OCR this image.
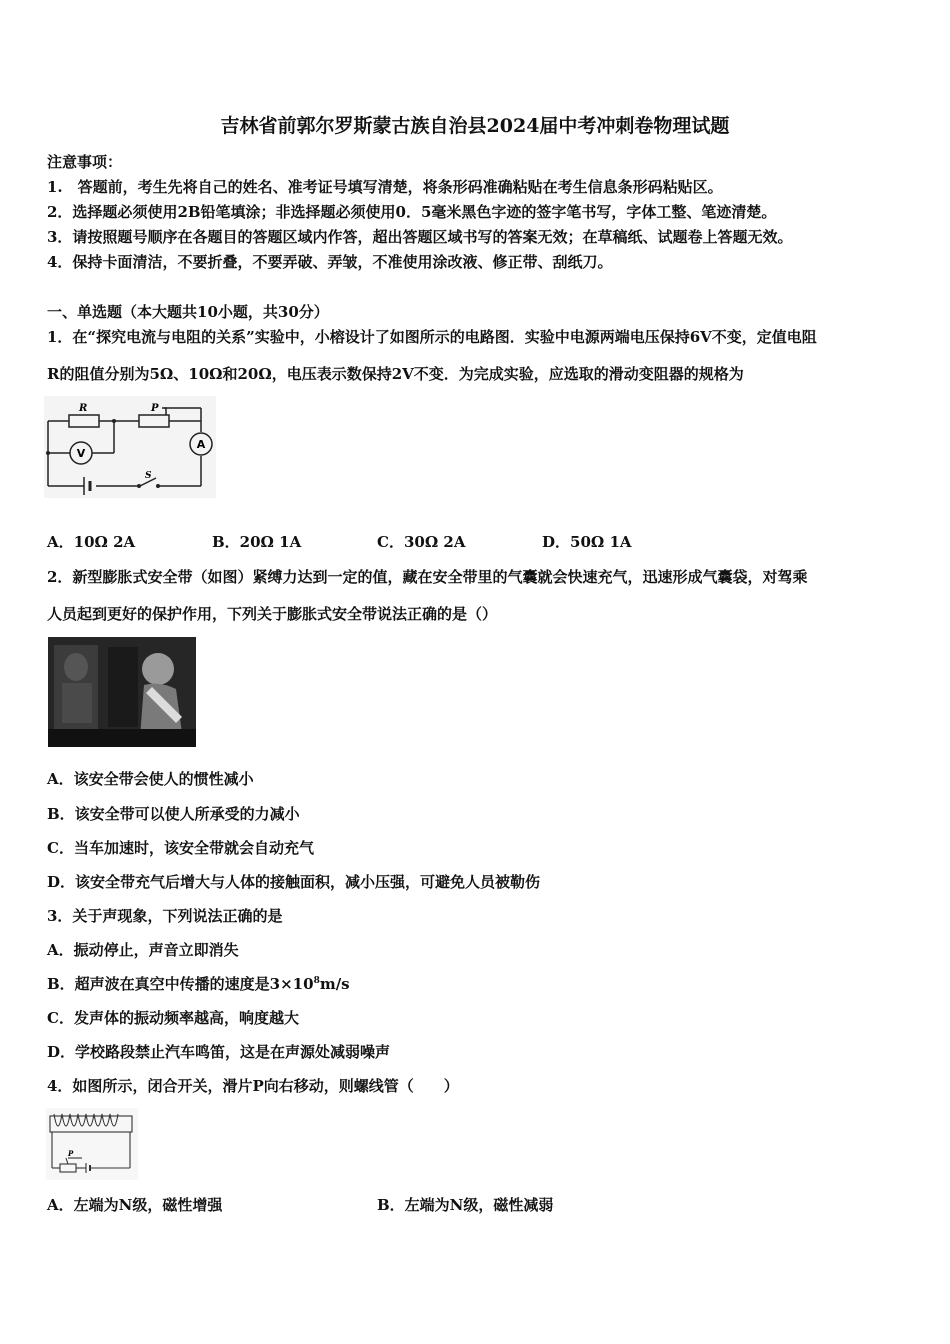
吉林省前郭尔罗斯蒙古族自治县2024届中考冲刺卷物理试题
注意事项：
1.　答题前，考生先将自己的姓名、准考证号填写清楚，将条形码准确粘贴在考生信息条形码粘贴区。
2．选择题必须使用2B铅笔填涂；非选择题必须使用0．5毫米黑色字迹的签字笔书写，字体工整、笔迹清楚。
3．请按照题号顺序在各题目的答题区域内作答，超出答题区域书写的答案无效；在草稿纸、试题卷上答题无效。
4．保持卡面清洁，不要折叠，不要弄破、弄皱，不准使用涂改液、修正带、刮纸刀。
一、单选题（本大题共10小题，共30分）
1．在“探究电流与电阻的关系”实验中，小榕设计了如图所示的电路图．实验中电源两端电压保持6V不变，定值电阻
R的阻值分别为5Ω、10Ω和20Ω，电压表示数保持2V不变．为完成实验，应选取的滑动变阻器的规格为
R	P
V
A
S
A．10Ω 2A	B．20Ω 1A	C．30Ω 2A	D．50Ω 1A
2．新型膨胀式安全带（如图）紧缚力达到一定的值，藏在安全带里的气囊就会快速充气，迅速形成气囊袋，对驾乘
人员起到更好的保护作用，下列关于膨胀式安全带说法正确的是（）
A．该安全带会使人的惯性减小
B．该安全带可以使人所承受的力减小
C．当车加速时，该安全带就会自动充气
D．该安全带充气后增大与人体的接触面积，减小压强，可避免人员被勒伤
3．关于声现象，下列说法正确的是
A．振动停止，声音立即消失
B．超声波在真空中传播的速度是$3\times 10^8m/s$
C．发声体的振动频率越高，响度越大
D．学校路段禁止汽车鸣笛，这是在声源处减弱噪声
4．如图所示，闭合开关，滑片P向右移动，则螺线管（　　）
P
A．左端为N级，磁性增强	B．左端为N级，磁性减弱
